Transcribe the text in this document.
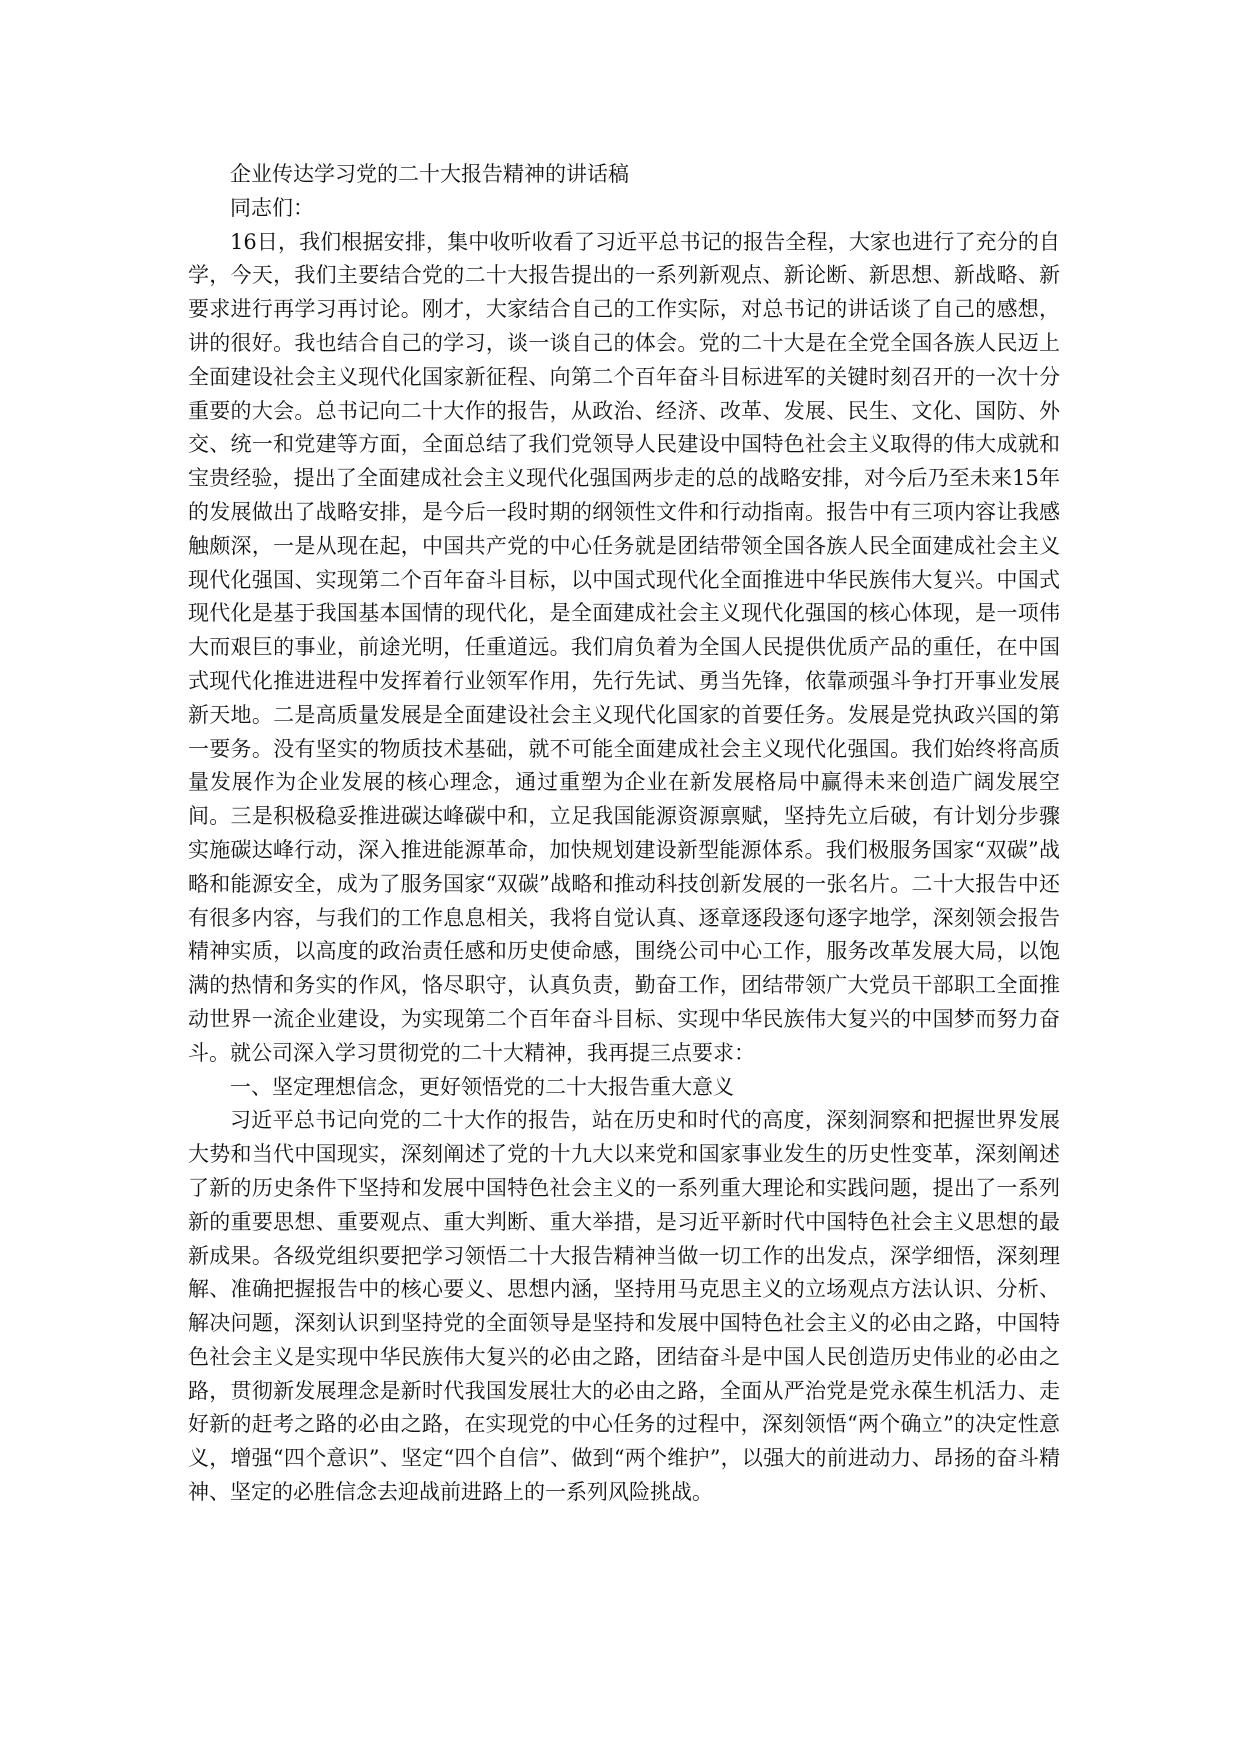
企业传达学习党的二十大报告精神的讲话稿

同志们：

16日，我们根据安排，集中收听收看了习近平总书记的报告全程，大家也进行了充分的自学，今天，我们主要结合党的二十大报告提出的一系列新观点、新论断、新思想、新战略、新要求进行再学习再讨论。刚才，大家结合自己的工作实际，对总书记的讲话谈了自己的感想，讲的很好。我也结合自己的学习，谈一谈自己的体会。党的二十大是在全党全国各族人民迈上全面建设社会主义现代化国家新征程、向第二个百年奋斗目标进军的关键时刻召开的一次十分重要的大会。总书记向二十大作的报告，从政治、经济、改革、发展、民生、文化、国防、外交、统一和党建等方面，全面总结了我们党领导人民建设中国特色社会主义取得的伟大成就和宝贵经验，提出了全面建成社会主义现代化强国两步走的总的战略安排，对今后乃至未来15年的发展做出了战略安排，是今后一段时期的纲领性文件和行动指南。报告中有三项内容让我感触颇深，一是从现在起，中国共产党的中心任务就是团结带领全国各族人民全面建成社会主义现代化强国、实现第二个百年奋斗目标，以中国式现代化全面推进中华民族伟大复兴。中国式现代化是基于我国基本国情的现代化，是全面建成社会主义现代化强国的核心体现，是一项伟大而艰巨的事业，前途光明，任重道远。我们肩负着为全国人民提供优质产品的重任，在中国式现代化推进进程中发挥着行业领军作用，先行先试、勇当先锋，依靠顽强斗争打开事业发展新天地。二是高质量发展是全面建设社会主义现代化国家的首要任务。发展是党执政兴国的第一要务。没有坚实的物质技术基础，就不可能全面建成社会主义现代化强国。我们始终将高质量发展作为企业发展的核心理念，通过重塑为企业在新发展格局中赢得未来创造广阔发展空间。三是积极稳妥推进碳达峰碳中和，立足我国能源资源禀赋，坚持先立后破，有计划分步骤实施碳达峰行动，深入推进能源革命，加快规划建设新型能源体系。我们极服务国家“双碳”战略和能源安全，成为了服务国家“双碳”战略和推动科技创新发展的一张名片。二十大报告中还有很多内容，与我们的工作息息相关，我将自觉认真、逐章逐段逐句逐字地学，深刻领会报告精神实质，以高度的政治责任感和历史使命感，围绕公司中心工作，服务改革发展大局，以饱满的热情和务实的作风，恪尽职守，认真负责，勤奋工作，团结带领广大党员干部职工全面推动世界一流企业建设，为实现第二个百年奋斗目标、实现中华民族伟大复兴的中国梦而努力奋斗。就公司深入学习贯彻党的二十大精神，我再提三点要求：

一、坚定理想信念，更好领悟党的二十大报告重大意义

习近平总书记向党的二十大作的报告，站在历史和时代的高度，深刻洞察和把握世界发展大势和当代中国现实，深刻阐述了党的十九大以来党和国家事业发生的历史性变革，深刻阐述了新的历史条件下坚持和发展中国特色社会主义的一系列重大理论和实践问题，提出了一系列新的重要思想、重要观点、重大判断、重大举措，是习近平新时代中国特色社会主义思想的最新成果。各级党组织要把学习领悟二十大报告精神当做一切工作的出发点，深学细悟，深刻理解、准确把握报告中的核心要义、思想内涵，坚持用马克思主义的立场观点方法认识、分析、解决问题，深刻认识到坚持党的全面领导是坚持和发展中国特色社会主义的必由之路，中国特色社会主义是实现中华民族伟大复兴的必由之路，团结奋斗是中国人民创造历史伟业的必由之路，贯彻新发展理念是新时代我国发展壮大的必由之路，全面从严治党是党永葆生机活力、走好新的赶考之路的必由之路，在实现党的中心任务的过程中，深刻领悟“两个确立”的决定性意义，增强“四个意识”、坚定“四个自信”、做到“两个维护”，以强大的前进动力、昂扬的奋斗精神、坚定的必胜信念去迎战前进路上的一系列风险挑战。
